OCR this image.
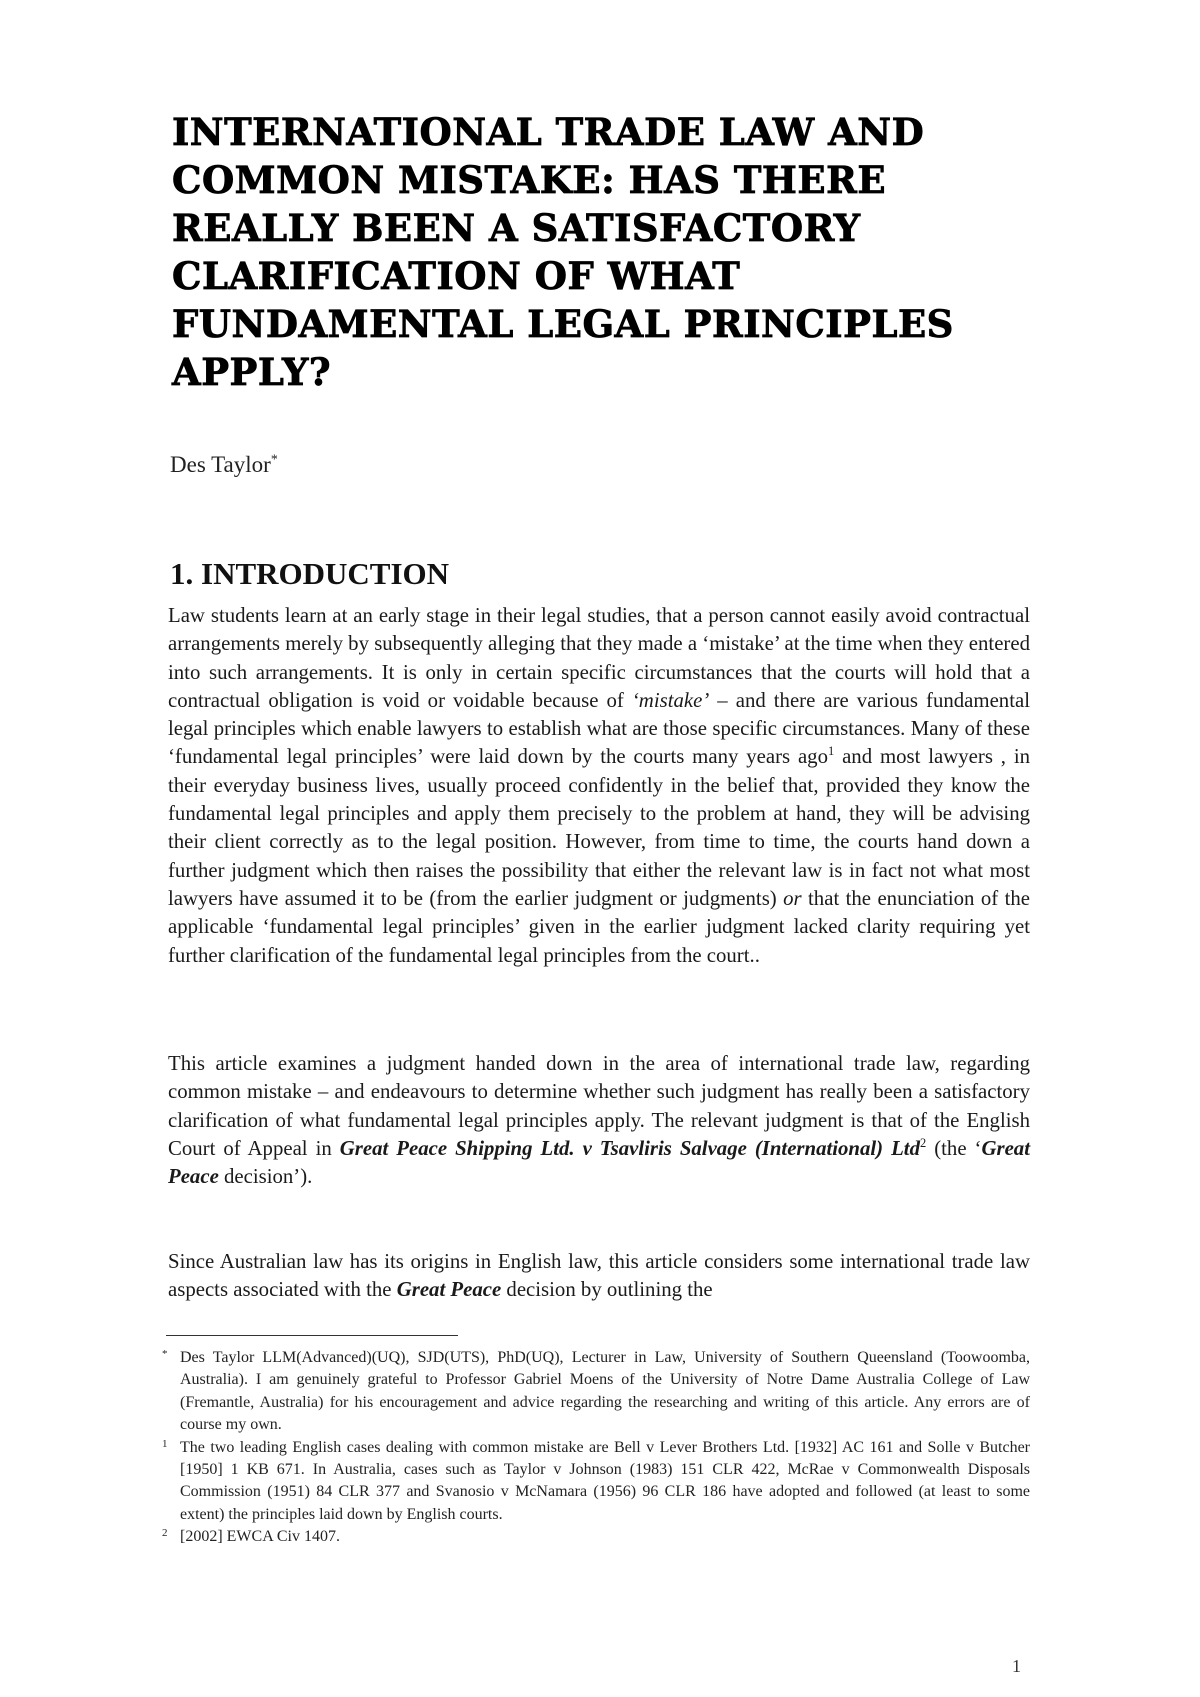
INTERNATIONAL TRADE LAW AND COMMON MISTAKE: HAS THERE REALLY BEEN A SATISFACTORY CLARIFICATION OF WHAT FUNDAMENTAL LEGAL PRINCIPLES APPLY?

Des Taylor*

1. INTRODUCTION

Law students learn at an early stage in their legal studies, that a person cannot easily avoid contractual arrangements merely by subsequently alleging that they made a ‘mistake’ at the time when they entered into such arrangements. It is only in certain specific circumstances that the courts will hold that a contractual obligation is void or voidable because of ‘mistake’ – and there are various fundamental legal principles which enable lawyers to establish what are those specific circumstances. Many of these ‘fundamental legal principles’ were laid down by the courts many years ago$^1$ and most lawyers , in their everyday business lives, usually proceed confidently in the belief that, provided they know the fundamental legal principles and apply them precisely to the problem at hand, they will be advising their client correctly as to the legal position. However, from time to time, the courts hand down a further judgment which then raises the possibility that either the relevant law is in fact not what most lawyers have assumed it to be (from the earlier judgment or judgments) or that the enunciation of the applicable ‘fundamental legal principles’ given in the earlier judgment lacked clarity requiring yet further clarification of the fundamental legal principles from the court..

This article examines a judgment handed down in the area of international trade law, regarding common mistake – and endeavours to determine whether such judgment has really been a satisfactory clarification of what fundamental legal principles apply. The relevant judgment is that of the English Court of Appeal in Great Peace Shipping Ltd. v Tsavliris Salvage (International) Ltd$^2$ (the ‘Great Peace decision’).

Since Australian law has its origins in English law, this article considers some international trade law aspects associated with the Great Peace decision by outlining the

* Des Taylor LLM(Advanced)(UQ), SJD(UTS), PhD(UQ), Lecturer in Law, University of Southern Queensland (Toowoomba, Australia). I am genuinely grateful to Professor Gabriel Moens of the University of Notre Dame Australia College of Law (Fremantle, Australia) for his encouragement and advice regarding the researching and writing of this article. Any errors are of course my own.

1 The two leading English cases dealing with common mistake are Bell v Lever Brothers Ltd. [1932] AC 161 and Solle v Butcher [1950] 1 KB 671. In Australia, cases such as Taylor v Johnson (1983) 151 CLR 422, McRae v Commonwealth Disposals Commission (1951) 84 CLR 377 and Svanosio v McNamara (1956) 96 CLR 186 have adopted and followed (at least to some extent) the principles laid down by English courts.

2 [2002] EWCA Civ 1407.

1
